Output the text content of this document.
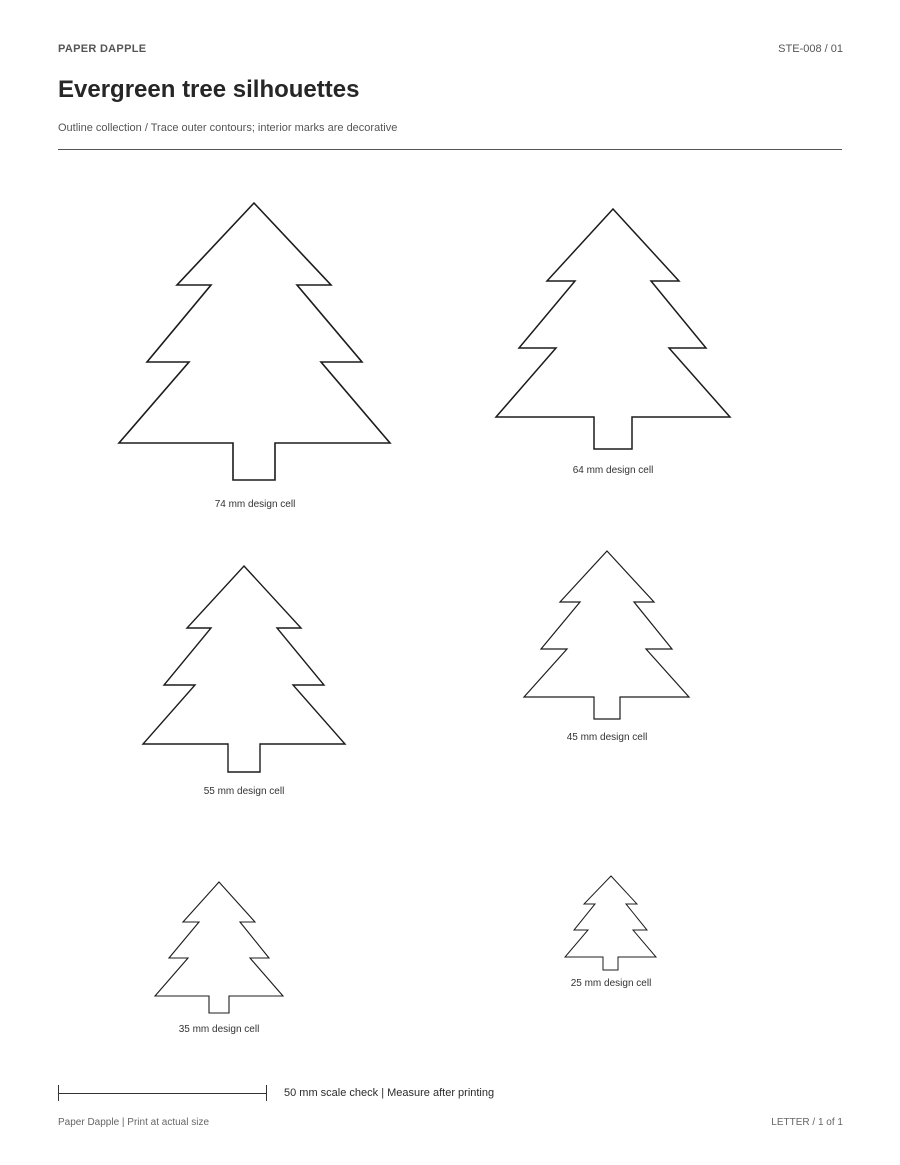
PAPER DAPPLE	STE-008 / 01
Evergreen tree silhouettes
Outline collection / Trace outer contours; interior marks are decorative
74 mm design cell
64 mm design cell
55 mm design cell
45 mm design cell
35 mm design cell
25 mm design cell
50 mm scale check | Measure after printing
Paper Dapple | Print at actual size	LETTER / 1 of 1
